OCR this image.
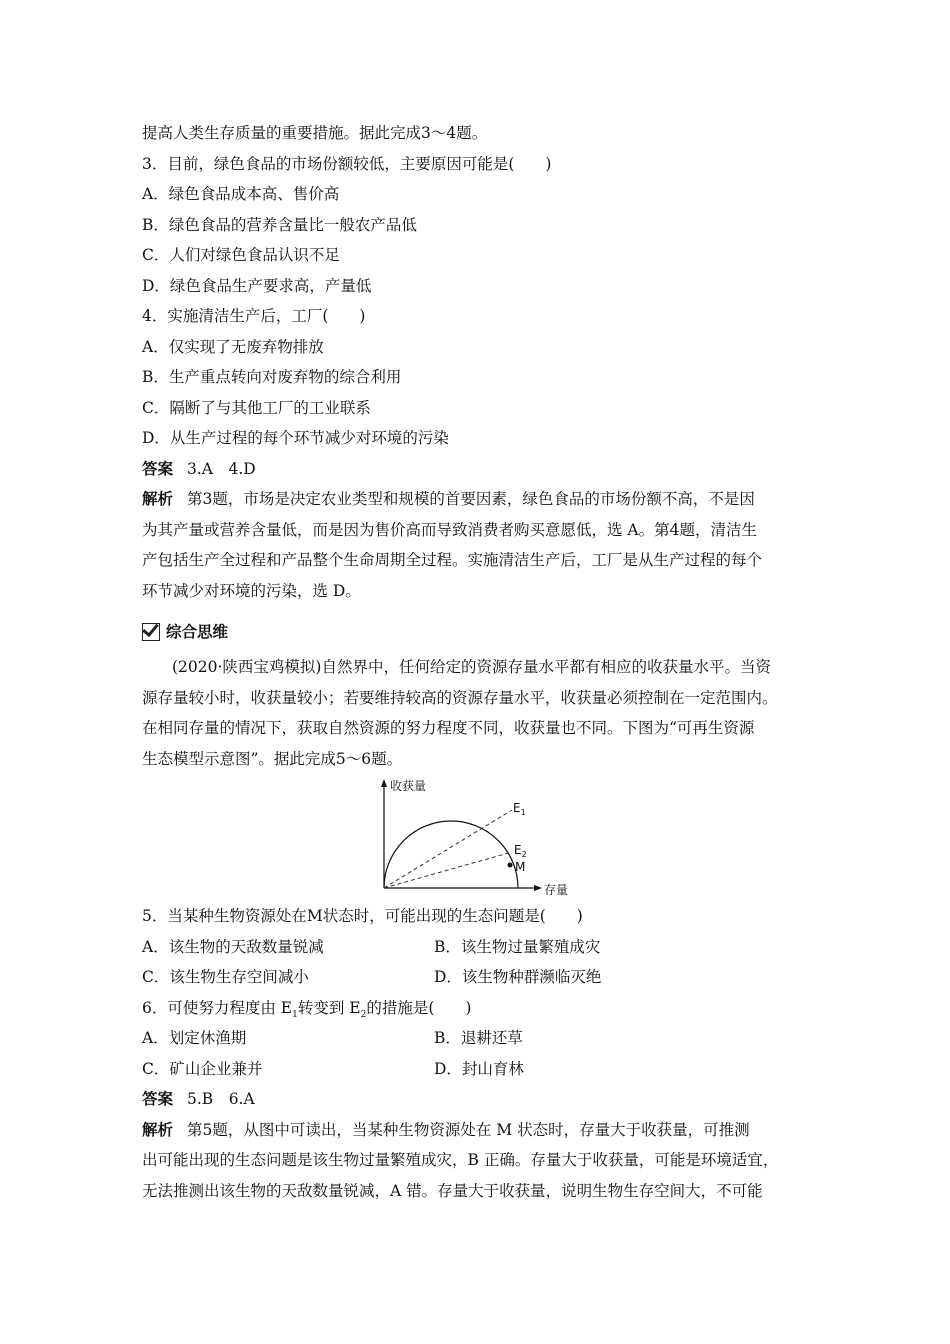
提高人类生存质量的重要措施。据此完成3～4题。
3．目前，绿色食品的市场份额较低，主要原因可能是(　　)
A．绿色食品成本高、售价高
B．绿色食品的营养含量比一般农产品低
C．人们对绿色食品认识不足
D．绿色食品生产要求高，产量低
4．实施清洁生产后，工厂(　　)
A．仅实现了无废弃物排放
B．生产重点转向对废弃物的综合利用
C．隔断了与其他工厂的工业联系
D．从生产过程的每个环节减少对环境的污染
答案 3.A　4.D
解析 第3题，市场是决定农业类型和规模的首要因素，绿色食品的市场份额不高，不是因
为其产量或营养含量低，而是因为售价高而导致消费者购买意愿低，选 A。第4题，清洁生
产包括生产全过程和产品整个生命周期全过程。实施清洁生产后，工厂是从生产过程的每个
环节减少对环境的污染，选 D。
综合思维
(2020·陕西宝鸡模拟)自然界中，任何给定的资源存量水平都有相应的收获量水平。当资
源存量较小时，收获量较小；若要维持较高的资源存量水平，收获量必须控制在一定范围内。
在相同存量的情况下，获取自然资源的努力程度不同，收获量也不同。下图为“可再生资源
生态模型示意图”。据此完成5～6题。
收获量
存量
$E_1$
$E_2$
M
5．当某种生物资源处在M状态时，可能出现的生态问题是(　　)
A．该生物的天敌数量锐减	B．该生物过量繁殖成灾
C．该生物生存空间减小	D．该生物种群濒临灭绝
6．可使努力程度由 $E_1$转变到 $E_2$的措施是(　　)
A．划定休渔期	B．退耕还草
C．矿山企业兼并	D．封山育林
答案 5.B　6.A
解析 第5题，从图中可读出，当某种生物资源处在 M 状态时，存量大于收获量，可推测
出可能出现的生态问题是该生物过量繁殖成灾，B 正确。存量大于收获量，可能是环境适宜，
无法推测出该生物的天敌数量锐减，A 错。存量大于收获量，说明生物生存空间大，不可能
